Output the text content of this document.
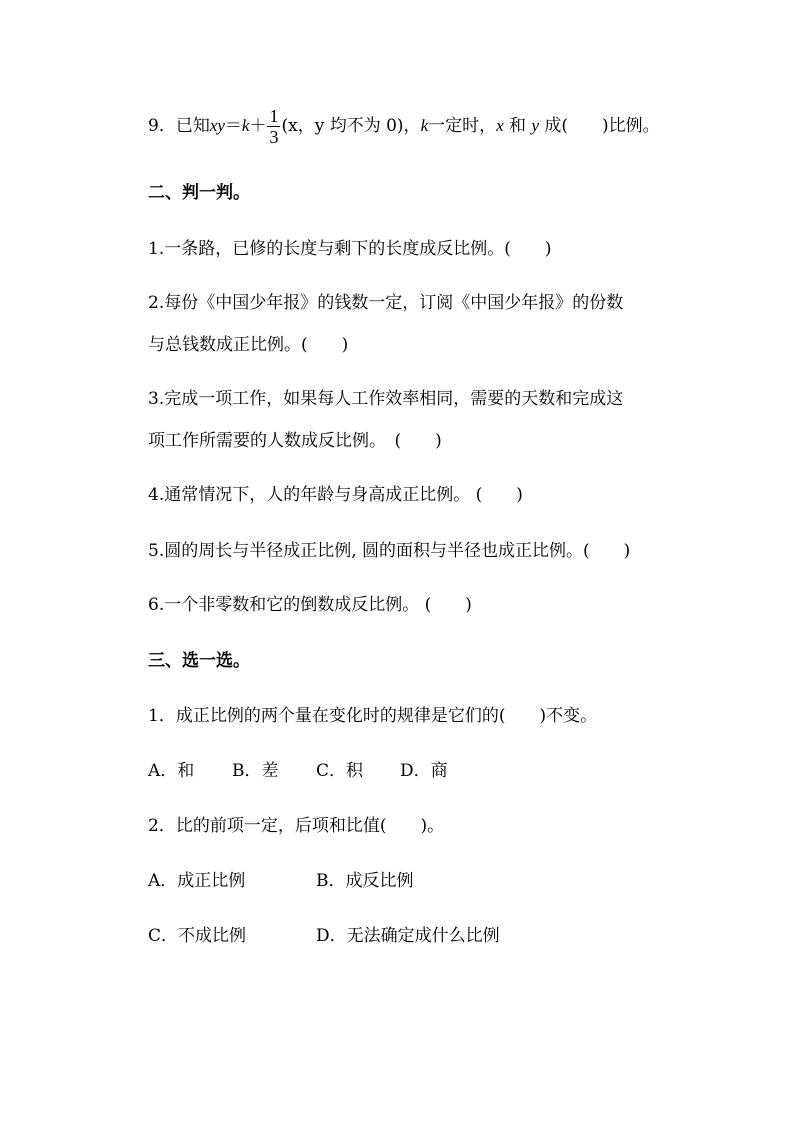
9．已知$xy=k+ \frac{1}{3} (x$，y 均不为 0)，k一定时，x 和 y 成(　　)比例。
二、判一判。
1.一条路，已修的长度与剩下的长度成反比例。(　　)
2.每份《中国少年报》的钱数一定，订阅《中国少年报》的份数
与总钱数成正比例。(　　)
3.完成一项工作，如果每人工作效率相同，需要的天数和完成这
项工作所需要的人数成反比例。　(　　)
4.通常情况下，人的年龄与身高成正比例。 (　　)
5.圆的周长与半径成正比例, 圆的面积与半径也成正比例。(　　)
6.一个非零数和它的倒数成反比例。 (　　)
三、选一选。
1．成正比例的两个量在变化时的规律是它们的(　　)不变。
A．和 B．差 C．积 D．商
2．比的前项一定，后项和比值(　　)。
A．成正比例	B．成反比例
C．不成比例	D．无法确定成什么比例
